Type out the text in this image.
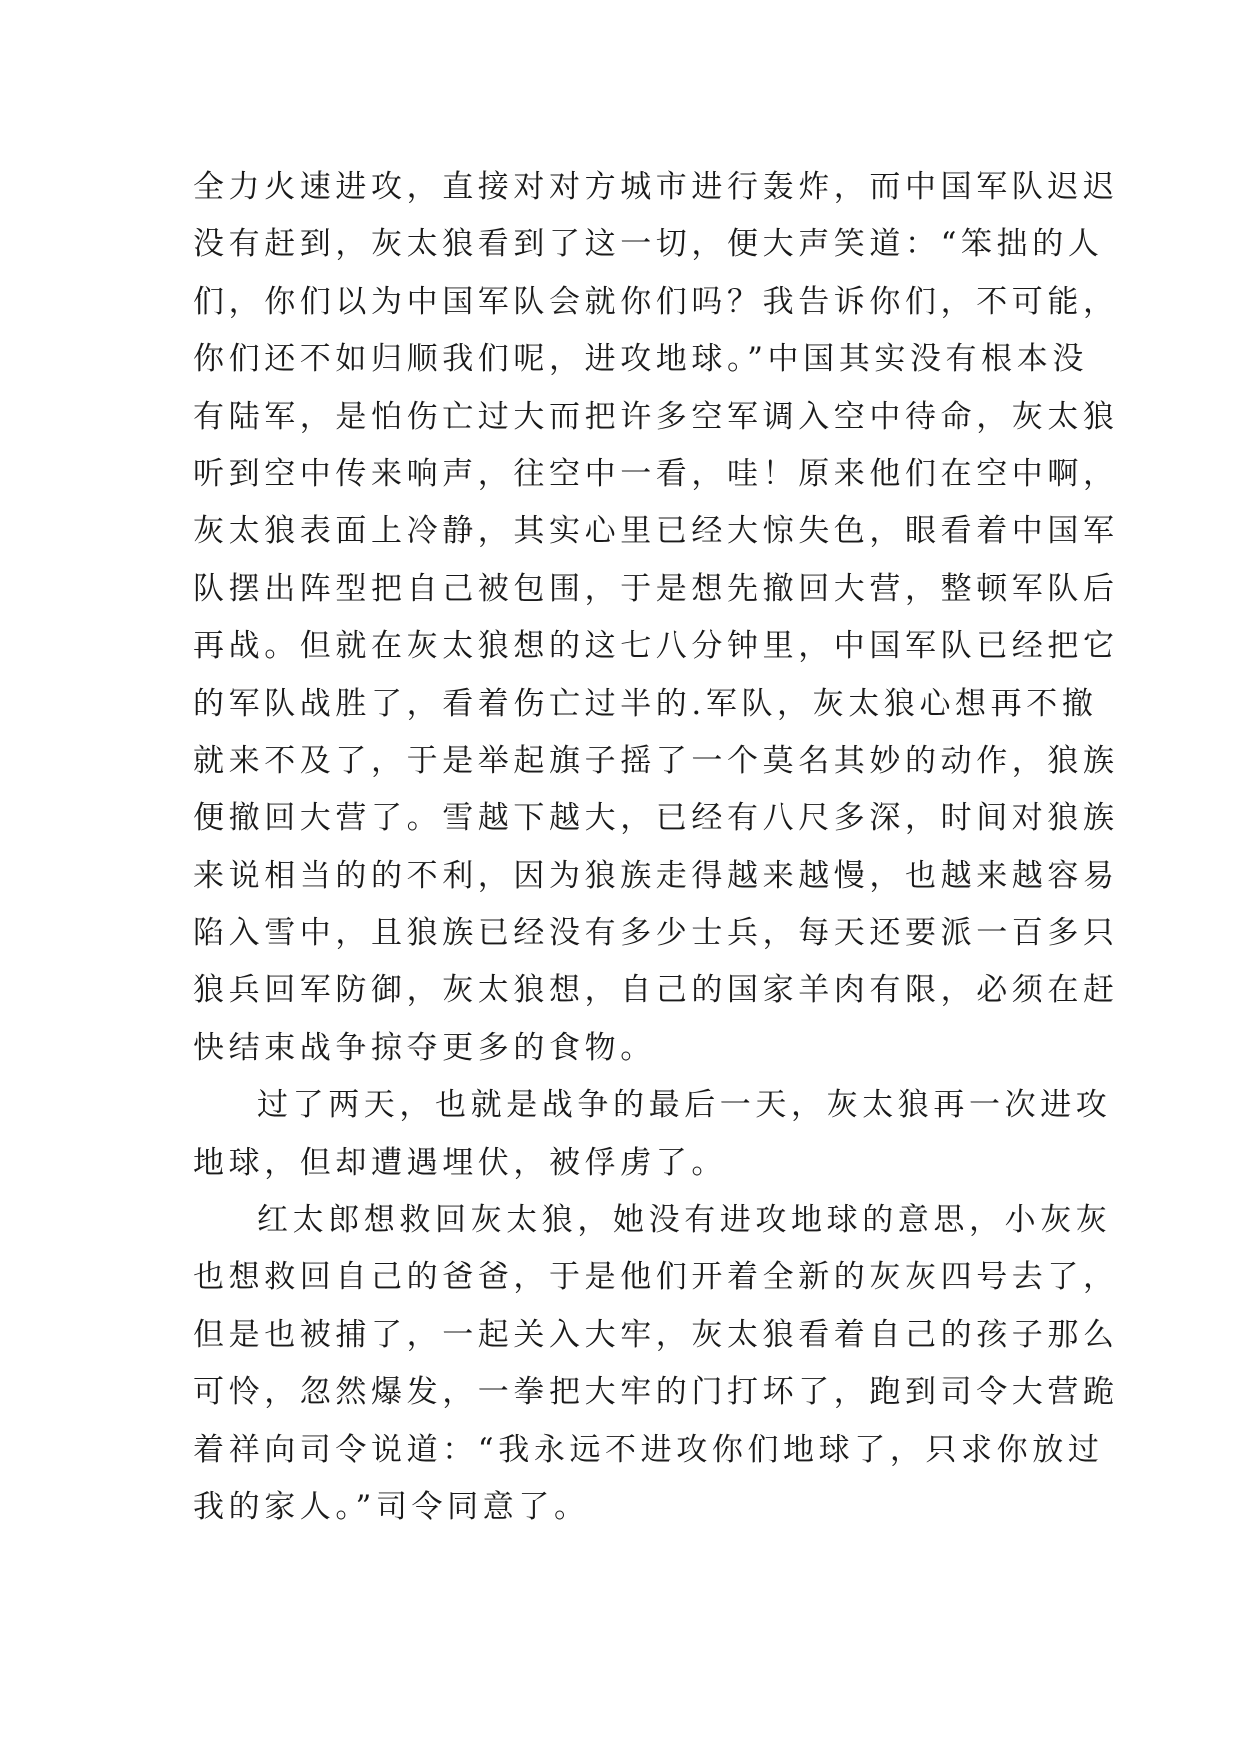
全力火速进攻，直接对对方城市进行轰炸，而中国军队迟迟
没有赶到，灰太狼看到了这一切，便大声笑道：“笨拙的人
们，你们以为中国军队会就你们吗？我告诉你们，不可能，
你们还不如归顺我们呢，进攻地球。”中国其实没有根本没
有陆军，是怕伤亡过大而把许多空军调入空中待命，灰太狼
听到空中传来响声，往空中一看，哇！原来他们在空中啊，
灰太狼表面上冷静，其实心里已经大惊失色，眼看着中国军
队摆出阵型把自己被包围，于是想先撤回大营，整顿军队后
再战。但就在灰太狼想的这七八分钟里，中国军队已经把它
的军队战胜了，看着伤亡过半的.军队，灰太狼心想再不撤
就来不及了，于是举起旗子摇了一个莫名其妙的动作，狼族
便撤回大营了。雪越下越大，已经有八尺多深，时间对狼族
来说相当的的不利，因为狼族走得越来越慢，也越来越容易
陷入雪中，且狼族已经没有多少士兵，每天还要派一百多只
狼兵回军防御，灰太狼想，自己的国家羊肉有限，必须在赶
快结束战争掠夺更多的食物。
过了两天，也就是战争的最后一天，灰太狼再一次进攻
地球，但却遭遇埋伏，被俘虏了。
红太郎想救回灰太狼，她没有进攻地球的意思，小灰灰
也想救回自己的爸爸，于是他们开着全新的灰灰四号去了，
但是也被捕了，一起关入大牢，灰太狼看着自己的孩子那么
可怜，忽然爆发，一拳把大牢的门打坏了，跑到司令大营跪
着祥向司令说道：“我永远不进攻你们地球了，只求你放过
我的家人。”司令同意了。
